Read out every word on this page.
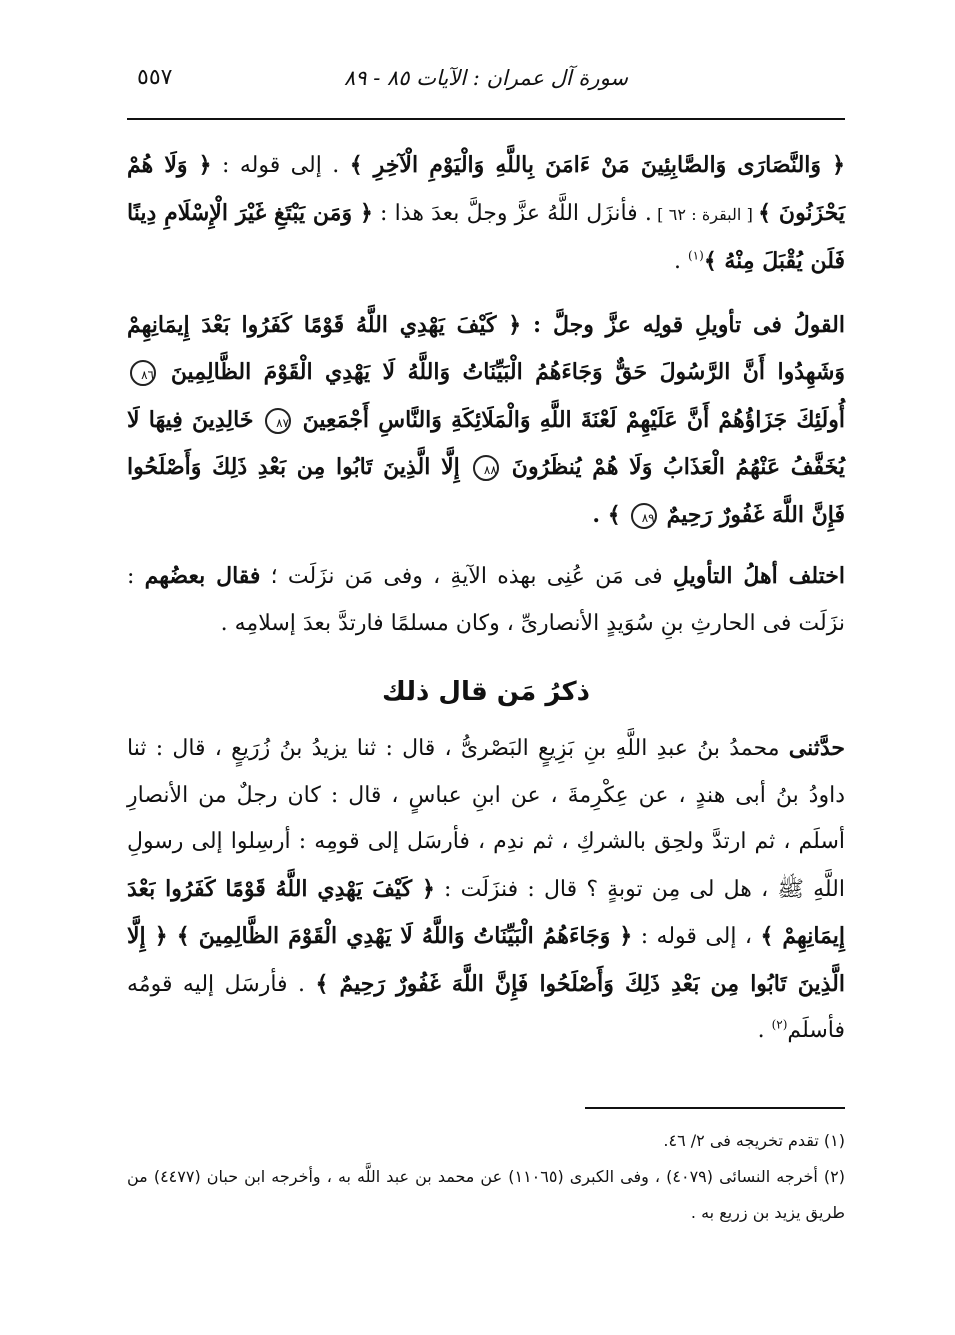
سورة آل عمران : الآيات ٨٥ - ٨٩
٥٥٧

﴿ وَالنَّصَارَى وَالصَّابِئِينَ مَنْ ءَامَنَ بِاللَّهِ وَالْيَوْمِ الْآخِرِ ﴾ . إلى قوله : ﴿ وَلَا هُمْ يَحْزَنُونَ ﴾ [ البقرة : ٦٢ ] . فأنزَل اللَّهُ عزَّ وجلَّ بعدَ هذا : ﴿ وَمَن يَبْتَغِ غَيْرَ الْإِسْلَامِ دِينًا فَلَن يُقْبَلَ مِنْهُ ﴾$^{(١)}$ .

القولُ فى تأويلِ قولِه عزَّ وجلَّ : ﴿ كَيْفَ يَهْدِي اللَّهُ قَوْمًا كَفَرُوا بَعْدَ إِيمَانِهِمْ وَشَهِدُوا أَنَّ الرَّسُولَ حَقٌّ وَجَاءَهُمُ الْبَيِّنَاتُ وَاللَّهُ لَا يَهْدِي الْقَوْمَ الظَّالِمِينَ ٨٦ أُولَئِكَ جَزَاؤُهُمْ أَنَّ عَلَيْهِمْ لَعْنَةَ اللَّهِ وَالْمَلَائِكَةِ وَالنَّاسِ أَجْمَعِينَ ٨٧ خَالِدِينَ فِيهَا لَا يُخَفَّفُ عَنْهُمُ الْعَذَابُ وَلَا هُمْ يُنظَرُونَ ٨٨ إِلَّا الَّذِينَ تَابُوا مِن بَعْدِ ذَلِكَ وَأَصْلَحُوا فَإِنَّ اللَّهَ غَفُورٌ رَحِيمٌ ٨٩ ﴾ .

اختلف أهلُ التأويلِ فى مَن عُنِى بهذه الآيةِ ، وفى مَن نزَلَت ؛ فقال بعضُهم : نزَلَت فى الحارثِ بنِ سُوَيدٍ الأنصارىِّ ، وكان مسلمًا فارتدَّ بعدَ إسلامِه .

ذكرُ مَن قال ذلك

حدَّثنى محمدُ بنُ عبدِ اللَّهِ بنِ بَزِيعٍ البَصْرىُّ ، قال : ثنا يزيدُ بنُ زُرَيعٍ ، قال : ثنا داودُ بنُ أبى هندٍ ، عن عِكْرِمةَ ، عن ابنِ عباسٍ ، قال : كان رجلٌ من الأنصارِ أسلَم ، ثم ارتدَّ ولحِق بالشركِ ، ثم ندِم ، فأرسَل إلى قومِه : أرسِلوا إلى رسولِ اللَّهِ ﷺ ، هل لى مِن توبةٍ ؟ قال : فنزَلَت : ﴿ كَيْفَ يَهْدِي اللَّهُ قَوْمًا كَفَرُوا بَعْدَ إِيمَانِهِمْ ﴾ ، إلى قوله : ﴿ وَجَاءَهُمُ الْبَيِّنَاتُ وَاللَّهُ لَا يَهْدِي الْقَوْمَ الظَّالِمِينَ ﴾ ﴿ إِلَّا الَّذِينَ تَابُوا مِن بَعْدِ ذَلِكَ وَأَصْلَحُوا فَإِنَّ اللَّهَ غَفُورٌ رَحِيمٌ ﴾ . فأرسَل إليه قومُه فأسلَم$^{(٢)}$ .

(١) تقدم تخريجه فى ٢/ ٤٦.

(٢) أخرجه النسائى (٤٠٧٩) ، وفى الكبرى (١١٠٦٥) عن محمد بن عبد اللَّه به ، وأخرجه ابن حبان (٤٤٧٧) من طريق يزيد بن زريع به .
